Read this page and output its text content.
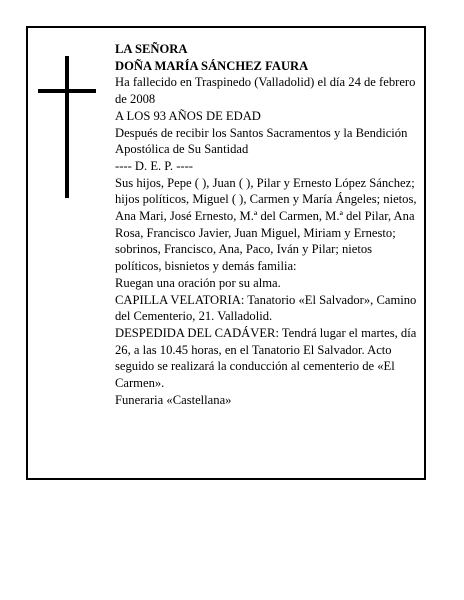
LA SEÑORA

DOÑA MARÍA SÁNCHEZ FAURA

Ha fallecido en Traspinedo (Valladolid) el día 24 de febrero de 2008

A LOS 93 AÑOS DE EDAD

Después de recibir los Santos Sacramentos y la Bendición Apostólica de Su Santidad

---- D. E. P. ----

Sus hijos, Pepe ( ), Juan ( ), Pilar y Ernesto López Sánchez; hijos políticos, Miguel ( ), Carmen y María Ángeles; nietos, Ana Mari, José Ernesto, M.ª del Carmen, M.ª del Pilar, Ana Rosa, Francisco Javier, Juan Miguel, Miriam y Ernesto; sobrinos, Francisco, Ana, Paco, Iván y Pilar; nietos políticos, bisnietos y demás familia:

Ruegan una oración por su alma.

CAPILLA VELATORIA: Tanatorio «El Salvador», Camino del Cementerio, 21. Valladolid.

DESPEDIDA DEL CADÁVER: Tendrá lugar el martes, día 26, a las 10.45 horas, en el Tanatorio El Salvador. Acto seguido se realizará la conducción al cementerio de «El Carmen».

Funeraria «Castellana»
